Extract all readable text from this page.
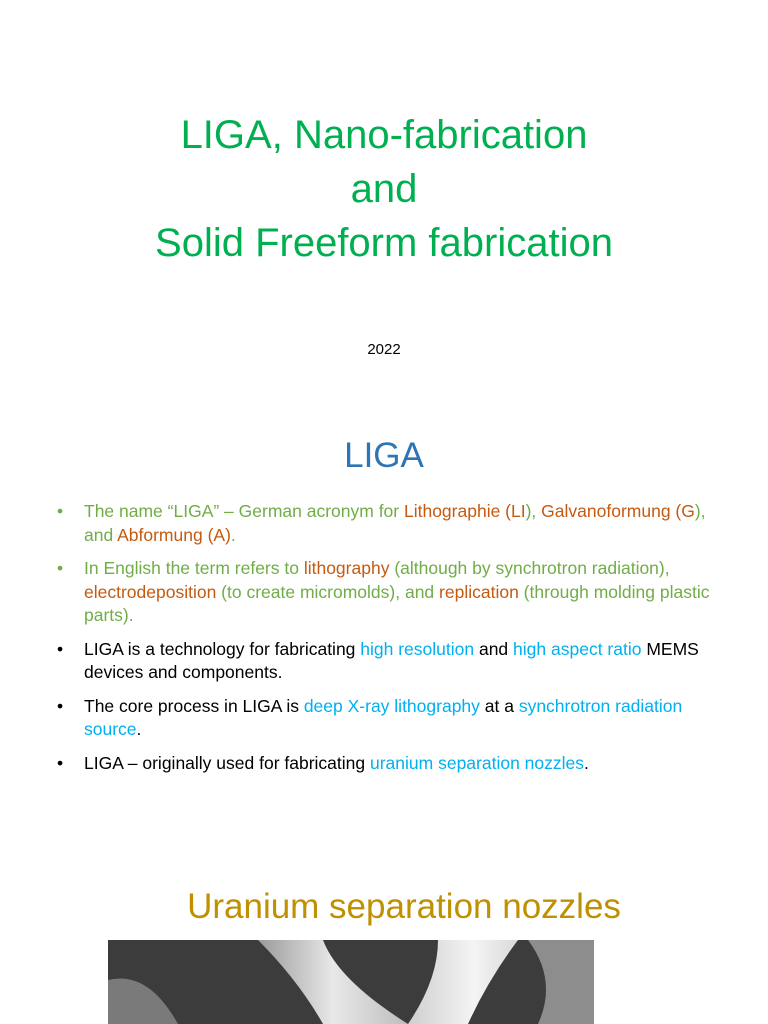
LIGA, Nano-fabrication
and
Solid Freeform fabrication
2022
LIGA
• The name “LIGA” – German acronym for Lithographie (LI), Galvanoformung (G), and Abformung (A).
• In English the term refers to lithography (although by synchrotron radiation), electrodeposition (to create micromolds), and replication (through molding plastic parts).
• LIGA is a technology for fabricating high resolution and high aspect ratio MEMS devices and components.
• The core process in LIGA is deep X-ray lithography at a synchrotron radiation source.
• LIGA – originally used for fabricating uranium separation nozzles.
Uranium separation nozzles
